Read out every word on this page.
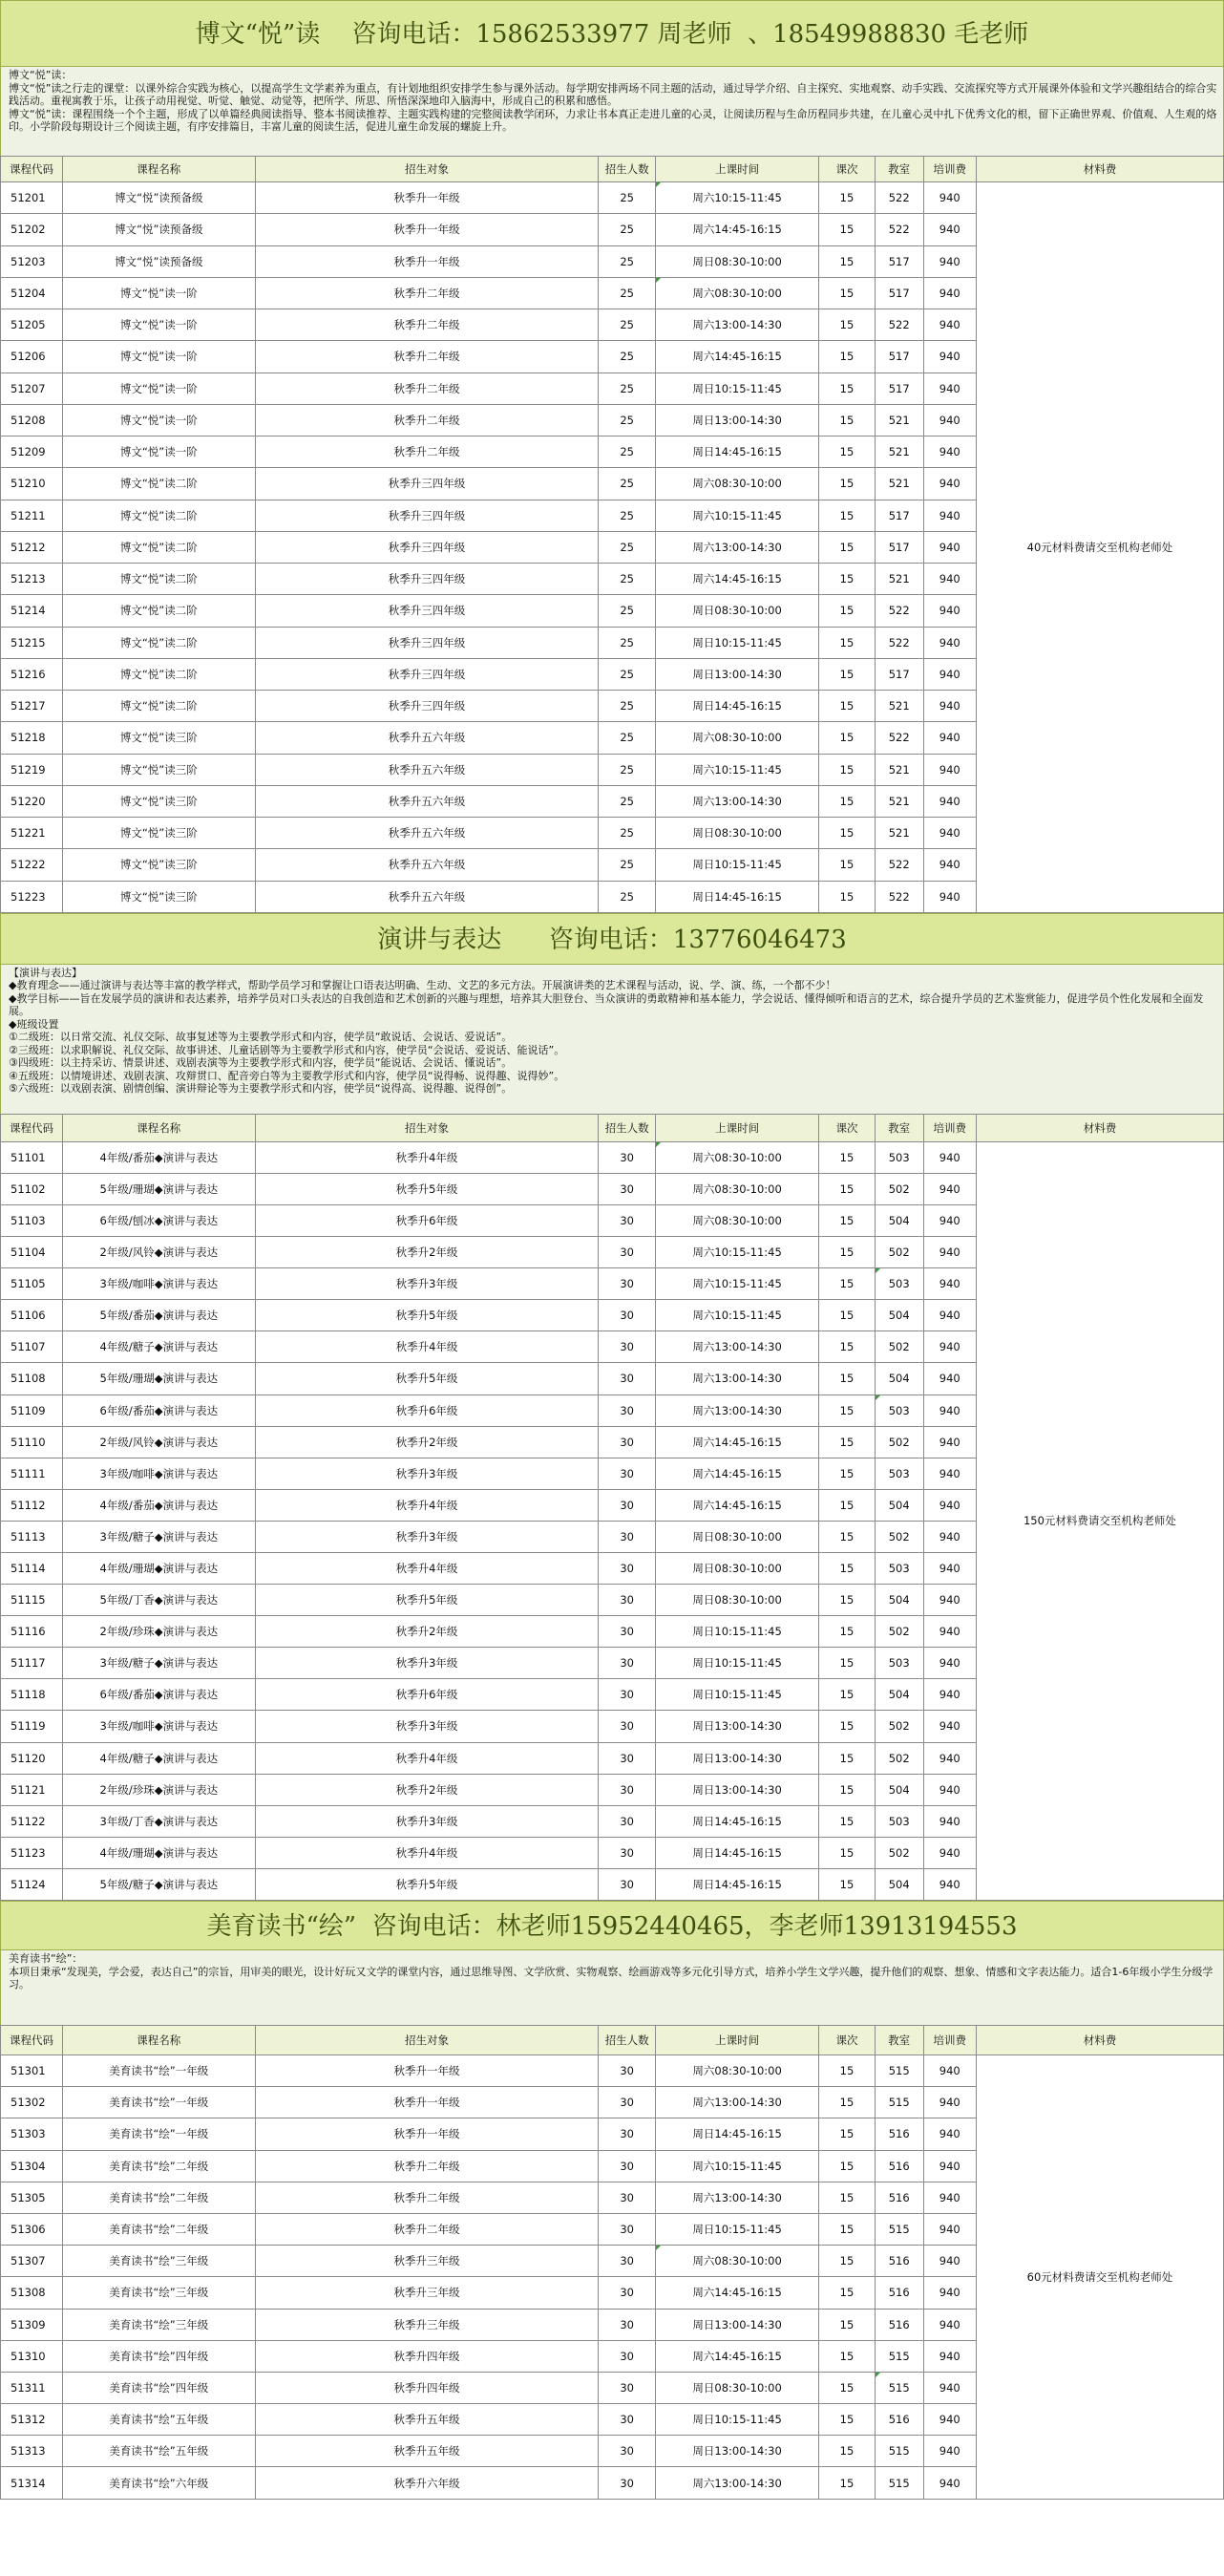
博文“悦”读    咨询电话：15862533977 周老师  、18549988830 毛老师

博文“悦”读：

博文“悦”读之行走的课堂：以课外综合实践为核心，以提高学生文学素养为重点，有计划地组织安排学生参与课外活动。每学期安排两场不同主题的活动，通过导学介绍、自主探究、实地观察、动手实践、交流探究等方式开展课外体验和文学兴趣组结合的综合实践活动。重视寓教于乐，让孩子动用视觉、听觉、触觉、动觉等，把所学、所思、所悟深深地印入脑海中，形成自己的积累和感悟。

博文“悦”读：课程围绕一个个主题，形成了以单篇经典阅读指导、整本书阅读推荐、主题实践构建的完整阅读教学闭环，力求让书本真正走进儿童的心灵，让阅读历程与生命历程同步共建，在儿童心灵中扎下优秀文化的根，留下正确世界观、价值观、人生观的烙印。小学阶段每期设计三个阅读主题，有序安排篇目，丰富儿童的阅读生活，促进儿童生命发展的螺旋上升。

课程代码	课程名称	招生对象	招生人数	上课时间	课次	教室	培训费	材料费
51201	博文“悦”读预备级	秋季升一年级	25	周六10:15-11:45	15	522	940	40元材料费请交至机构老师处
51202	博文“悦”读预备级	秋季升一年级	25	周六14:45-16:15	15	522	940	
51203	博文“悦”读预备级	秋季升一年级	25	周日08:30-10:00	15	517	940	
51204	博文“悦”读一阶	秋季升二年级	25	周六08:30-10:00	15	517	940	
51205	博文“悦”读一阶	秋季升二年级	25	周六13:00-14:30	15	522	940	
51206	博文“悦”读一阶	秋季升二年级	25	周六14:45-16:15	15	517	940	
51207	博文“悦”读一阶	秋季升二年级	25	周日10:15-11:45	15	517	940	
51208	博文“悦”读一阶	秋季升二年级	25	周日13:00-14:30	15	521	940	
51209	博文“悦”读一阶	秋季升二年级	25	周日14:45-16:15	15	521	940	
51210	博文“悦”读二阶	秋季升三四年级	25	周六08:30-10:00	15	521	940	
51211	博文“悦”读二阶	秋季升三四年级	25	周六10:15-11:45	15	517	940	
51212	博文“悦”读二阶	秋季升三四年级	25	周六13:00-14:30	15	517	940	
51213	博文“悦”读二阶	秋季升三四年级	25	周六14:45-16:15	15	521	940	
51214	博文“悦”读二阶	秋季升三四年级	25	周日08:30-10:00	15	522	940	
51215	博文“悦”读二阶	秋季升三四年级	25	周日10:15-11:45	15	522	940	
51216	博文“悦”读二阶	秋季升三四年级	25	周日13:00-14:30	15	517	940	
51217	博文“悦”读二阶	秋季升三四年级	25	周日14:45-16:15	15	521	940	
51218	博文“悦”读三阶	秋季升五六年级	25	周六08:30-10:00	15	522	940	
51219	博文“悦”读三阶	秋季升五六年级	25	周六10:15-11:45	15	521	940	
51220	博文“悦”读三阶	秋季升五六年级	25	周六13:00-14:30	15	521	940	
51221	博文“悦”读三阶	秋季升五六年级	25	周日08:30-10:00	15	521	940	
51222	博文“悦”读三阶	秋季升五六年级	25	周日10:15-11:45	15	522	940	
51223	博文“悦”读三阶	秋季升五六年级	25	周日14:45-16:15	15	522	940	
演讲与表达      咨询电话：13776046473

【演讲与表达】

◆教育理念——通过演讲与表达等丰富的教学样式，帮助学员学习和掌握让口语表达明确、生动、文艺的多元方法。开展演讲类的艺术课程与活动，说、学、演、练，一个都不少！

◆教学目标——旨在发展学员的演讲和表达素养，培养学员对口头表达的自我创造和艺术创新的兴趣与理想，培养其大胆登台、当众演讲的勇敢精神和基本能力，学会说话、懂得倾听和语言的艺术，综合提升学员的艺术鉴赏能力，促进学员个性化发展和全面发展。

◆班级设置

①二级班：以日常交流、礼仪交际、故事复述等为主要教学形式和内容，使学员“敢说话、会说话、爱说话”。

②三级班：以求职解说、礼仪交际、故事讲述、儿童话剧等为主要教学形式和内容，使学员“会说话、爱说话、能说话”。

③四级班：以主持采访、情景讲述、戏剧表演等为主要教学形式和内容，使学员“能说话、会说话、懂说话”。

④五级班：以情境讲述、戏剧表演、攻辩贯口、配音旁白等为主要教学形式和内容，使学员“说得畅、说得趣、说得妙”。

⑤六级班：以戏剧表演、剧情创编、演讲辩论等为主要教学形式和内容，使学员“说得高、说得趣、说得创”。

课程代码	课程名称	招生对象	招生人数	上课时间	课次	教室	培训费	材料费
51101	4年级/番茄◆演讲与表达	秋季升4年级	30	周六08:30-10:00	15	503	940	150元材料费请交至机构老师处
51102	5年级/珊瑚◆演讲与表达	秋季升5年级	30	周六08:30-10:00	15	502	940	
51103	6年级/刨冰◆演讲与表达	秋季升6年级	30	周六08:30-10:00	15	504	940	
51104	2年级/风铃◆演讲与表达	秋季升2年级	30	周六10:15-11:45	15	502	940	
51105	3年级/咖啡◆演讲与表达	秋季升3年级	30	周六10:15-11:45	15	503	940	
51106	5年级/番茄◆演讲与表达	秋季升5年级	30	周六10:15-11:45	15	504	940	
51107	4年级/糖子◆演讲与表达	秋季升4年级	30	周六13:00-14:30	15	502	940	
51108	5年级/珊瑚◆演讲与表达	秋季升5年级	30	周六13:00-14:30	15	504	940	
51109	6年级/番茄◆演讲与表达	秋季升6年级	30	周六13:00-14:30	15	503	940	
51110	2年级/风铃◆演讲与表达	秋季升2年级	30	周六14:45-16:15	15	502	940	
51111	3年级/咖啡◆演讲与表达	秋季升3年级	30	周六14:45-16:15	15	503	940	
51112	4年级/番茄◆演讲与表达	秋季升4年级	30	周六14:45-16:15	15	504	940	
51113	3年级/糖子◆演讲与表达	秋季升3年级	30	周日08:30-10:00	15	502	940	
51114	4年级/珊瑚◆演讲与表达	秋季升4年级	30	周日08:30-10:00	15	503	940	
51115	5年级/丁香◆演讲与表达	秋季升5年级	30	周日08:30-10:00	15	504	940	
51116	2年级/珍珠◆演讲与表达	秋季升2年级	30	周日10:15-11:45	15	502	940	
51117	3年级/糖子◆演讲与表达	秋季升3年级	30	周日10:15-11:45	15	503	940	
51118	6年级/番茄◆演讲与表达	秋季升6年级	30	周日10:15-11:45	15	504	940	
51119	3年级/咖啡◆演讲与表达	秋季升3年级	30	周日13:00-14:30	15	502	940	
51120	4年级/糖子◆演讲与表达	秋季升4年级	30	周日13:00-14:30	15	502	940	
51121	2年级/珍珠◆演讲与表达	秋季升2年级	30	周日13:00-14:30	15	504	940	
51122	3年级/丁香◆演讲与表达	秋季升3年级	30	周日14:45-16:15	15	503	940	
51123	4年级/珊瑚◆演讲与表达	秋季升4年级	30	周日14:45-16:15	15	502	940	
51124	5年级/糖子◆演讲与表达	秋季升5年级	30	周日14:45-16:15	15	504	940	
美育读书“绘”  咨询电话：林老师15952440465，李老师13913194553

美育读书“绘”：

本项目秉承“发现美，学会爱，表达自己”的宗旨，用审美的眼光，设计好玩又文学的课堂内容，通过思维导图、文学欣赏、实物观察、绘画游戏等多元化引导方式，培养小学生文学兴趣，提升他们的观察、想象、情感和文字表达能力。适合1-6年级小学生分级学习。

课程代码	课程名称	招生对象	招生人数	上课时间	课次	教室	培训费	材料费
51301	美育读书“绘”一年级	秋季升一年级	30	周六08:30-10:00	15	515	940	60元材料费请交至机构老师处
51302	美育读书“绘”一年级	秋季升一年级	30	周六13:00-14:30	15	515	940	
51303	美育读书“绘”一年级	秋季升一年级	30	周日14:45-16:15	15	516	940	
51304	美育读书“绘”二年级	秋季升二年级	30	周六10:15-11:45	15	516	940	
51305	美育读书“绘”二年级	秋季升二年级	30	周六13:00-14:30	15	516	940	
51306	美育读书“绘”二年级	秋季升二年级	30	周日10:15-11:45	15	515	940	
51307	美育读书“绘”三年级	秋季升三年级	30	周六08:30-10:00	15	516	940	
51308	美育读书“绘”三年级	秋季升三年级	30	周六14:45-16:15	15	516	940	
51309	美育读书“绘”三年级	秋季升三年级	30	周日13:00-14:30	15	516	940	
51310	美育读书“绘”四年级	秋季升四年级	30	周六14:45-16:15	15	515	940	
51311	美育读书“绘”四年级	秋季升四年级	30	周日08:30-10:00	15	515	940	
51312	美育读书“绘”五年级	秋季升五年级	30	周日10:15-11:45	15	516	940	
51313	美育读书“绘”五年级	秋季升五年级	30	周日13:00-14:30	15	515	940	
51314	美育读书“绘”六年级	秋季升六年级	30	周六13:00-14:30	15	515	940	
